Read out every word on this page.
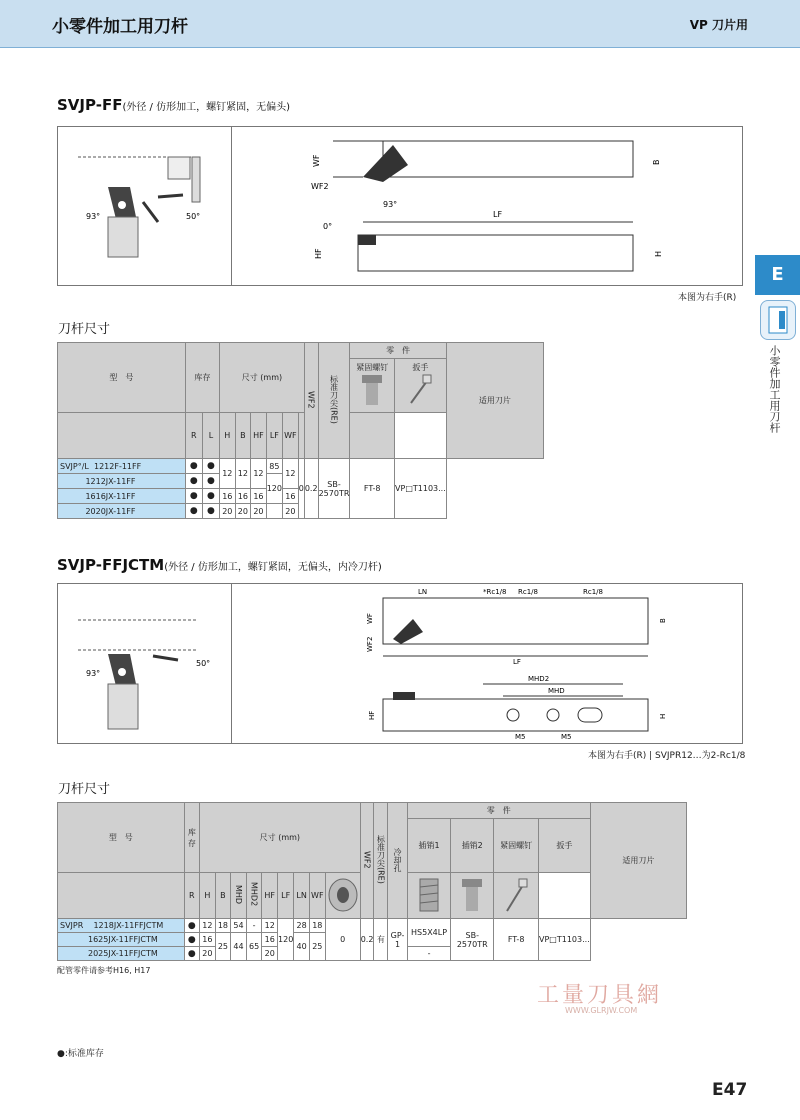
小零件加工用刀杆	VP 刀片用
E
小零件加工用刀杆
SVJP-FF(外径 / 仿形加工，螺钉紧固，无偏头)
93°	50°
WF
WF2
B
LF
93°
0°
HF	H
本图为右手(R)
刀杆尺寸
型　号	库存		尺寸 (mm)						WF2	标准刀尖(RE)	零　件		适用刀片

											紧固螺钉	扳手	

	R	L	H	B	HF	LF	WF						
SVJP°/L 1212F-11FF	●	●	12	12	12	85	12	0	0.2	SB-2570TR	FT-8	VP□T1103...	
1212JX-11FF	●	●				120							
1616JX-11FF	●	●	16	16	16		16						
2020JX-11FF	●	●	20	20	20		20						
SVJP-FFJCTM(外径 / 仿形加工，螺钉紧固，无偏头，内冷刀杆)
93°
50°
LN	*Rc1/8 Rc1/8	Rc1/8
WF
WF2
B
LF
MHD2
MHD
HF	H
M5	M5
本图为右手(R) | SVJPR12…为2-Rc1/8
刀杆尺寸
型　号	库存	尺寸 (mm)									WF2	标准刀尖(RE)	冷却孔	零　件				适用刀片
														插销1	插销2	紧固螺钉	扳手	
	R	H	B	MHD	MHD2	HF	LF	LN	WF				
SVJPR 1218JX-11FFJCTM	●	12	18	54	-	12	120	28	18	0	0.2	有	GP-1	HS5X4LP	SB-2570TR	FT-8	VP□T1103...	
1625JX-11FFJCTM	●	16	25	44	65	16		40	25									
2025JX-11FFJCTM	●	20				20								-				
配管零件请参考H16, H17
工量刀具網
WWW.GLRJW.COM
●:标准库存
E47
